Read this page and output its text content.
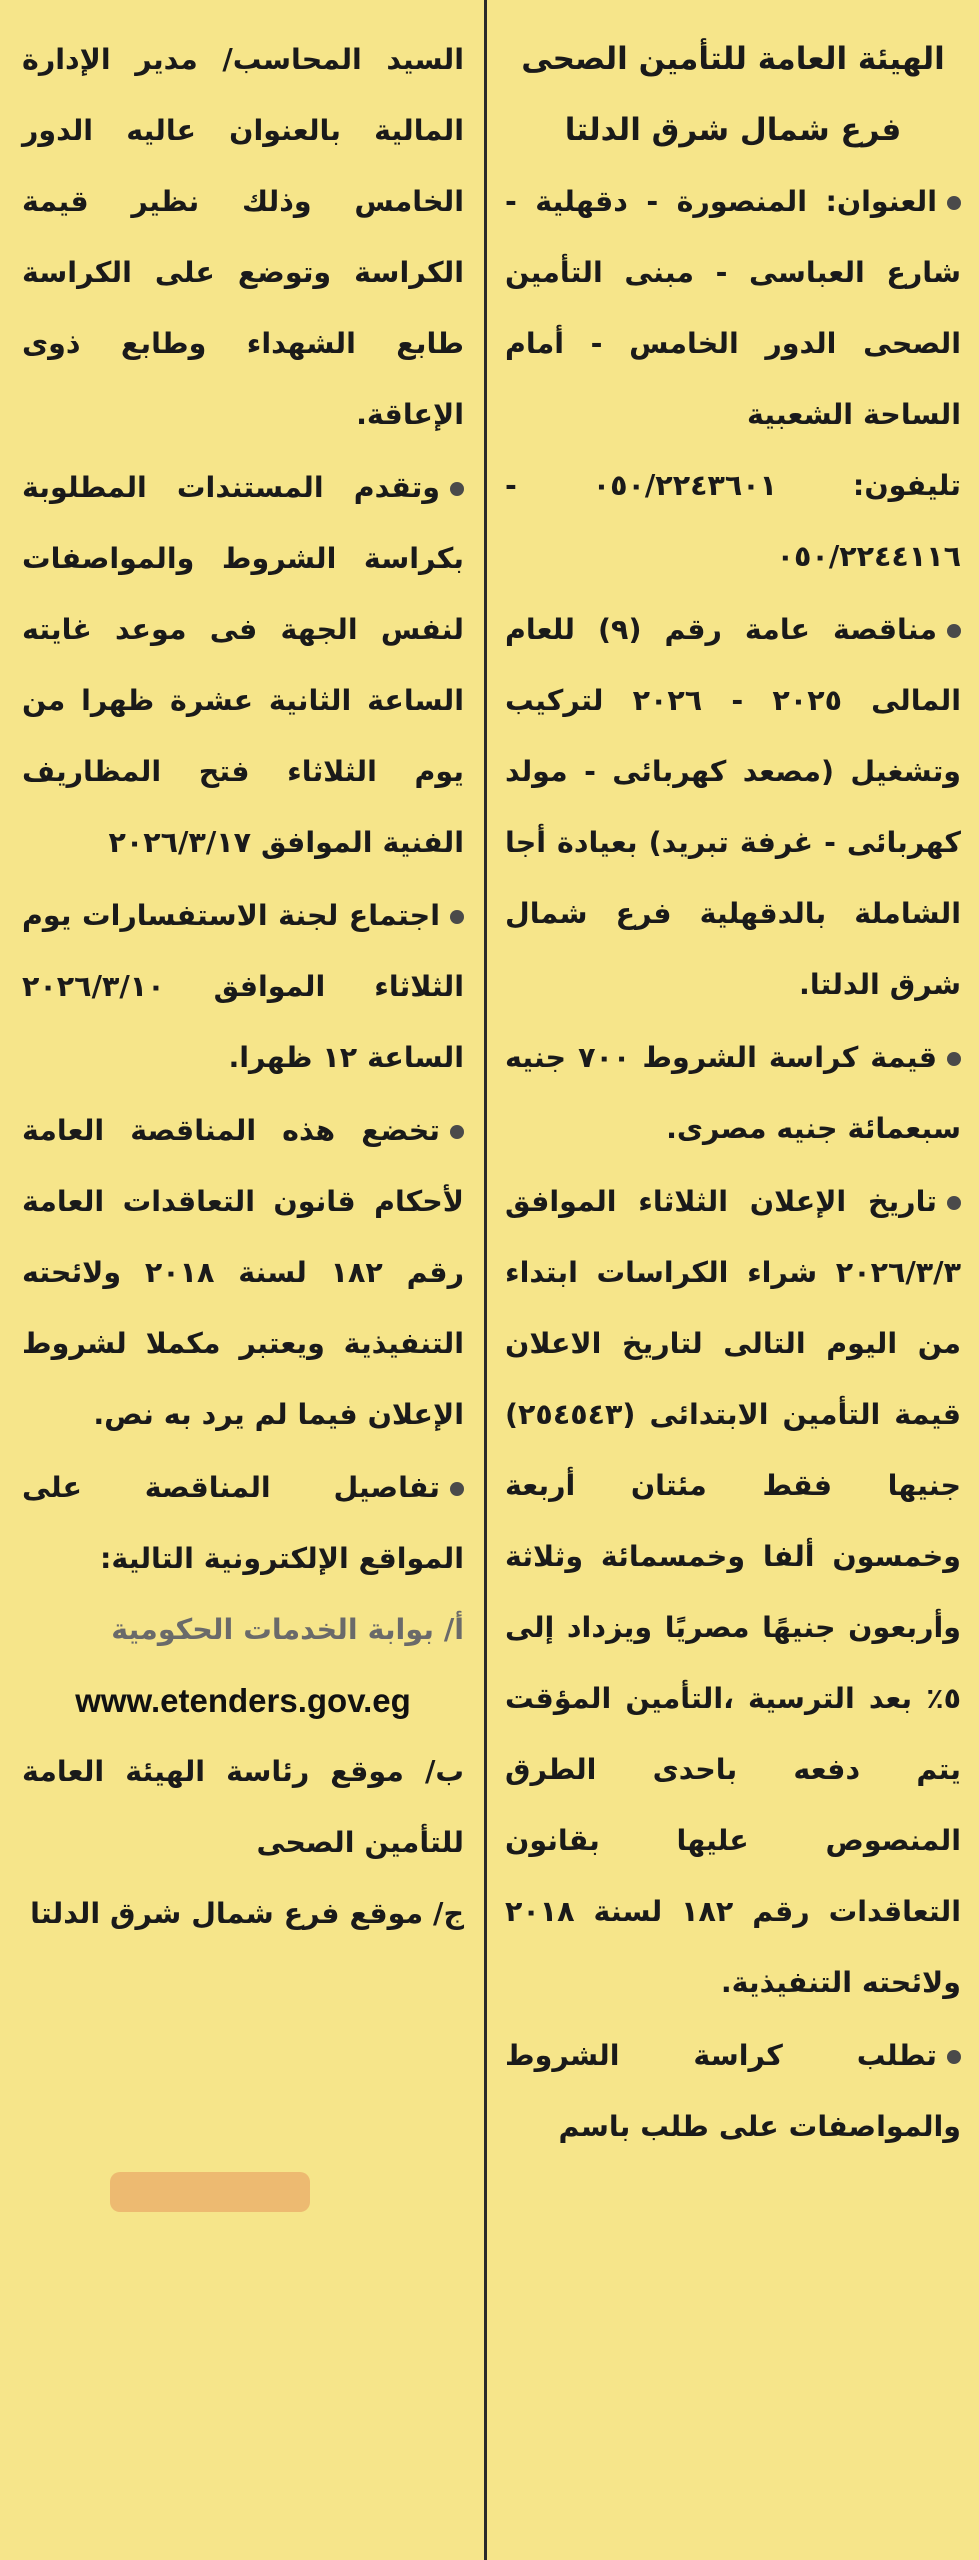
الهيئة العامة للتأمين الصحى

فرع شمال شرق الدلتا

العنوان: المنصورة - دقهلية - شارع العباسى - مبنى التأمين الصحى الدور الخامس - أمام الساحة الشعبية

تليفون: ٠٥٠/٢٢٤٣٦٠١ - ٠٥٠/٢٢٤٤١١٦

مناقصة عامة رقم (٩) للعام المالى ٢٠٢٥ - ٢٠٢٦ لتركيب وتشغيل (مصعد كهربائى - مولد كهربائى - غرفة تبريد) بعيادة أجا الشاملة بالدقهلية فرع شمال شرق الدلتا.

قيمة كراسة الشروط ٧٠٠ جنيه سبعمائة جنيه مصرى.

تاريخ الإعلان الثلاثاء الموافق ٢٠٢٦/٣/٣ شراء الكراسات ابتداء من اليوم التالى لتاريخ الاعلان قيمة التأمين الابتدائى (٢٥٤٥٤٣) جنيها فقط مئتان أربعة وخمسون ألفا وخمسمائة وثلاثة وأربعون جنيهًا مصريًا ويزداد إلى ٥٪ بعد الترسية ،التأمين المؤقت يتم دفعه باحدى الطرق المنصوص عليها بقانون التعاقدات رقم ١٨٢ لسنة ٢٠١٨ ولائحته التنفيذية.

تطلب كراسة الشروط والمواصفات على طلب باسم

السيد المحاسب/ مدير الإدارة المالية بالعنوان عاليه الدور الخامس وذلك نظير قيمة الكراسة وتوضع على الكراسة طابع الشهداء وطابع ذوى الإعاقة.

وتقدم المستندات المطلوبة بكراسة الشروط والمواصفات لنفس الجهة فى موعد غايته الساعة الثانية عشرة ظهرا من يوم الثلاثاء فتح المظاريف الفنية الموافق ٢٠٢٦/٣/١٧

اجتماع لجنة الاستفسارات يوم الثلاثاء الموافق ٢٠٢٦/٣/١٠ الساعة ١٢ ظهرا.

تخضع هذه المناقصة العامة لأحكام قانون التعاقدات العامة رقم ١٨٢ لسنة ٢٠١٨ ولائحته التنفيذية ويعتبر مكملا لشروط الإعلان فيما لم يرد به نص.

تفاصيل المناقصة على المواقع الإلكترونية التالية:

أ/ بوابة الخدمات الحكومية

www.etenders.gov.eg

ب/ موقع رئاسة الهيئة العامة للتأمين الصحى

ج/ موقع فرع شمال شرق الدلتا
